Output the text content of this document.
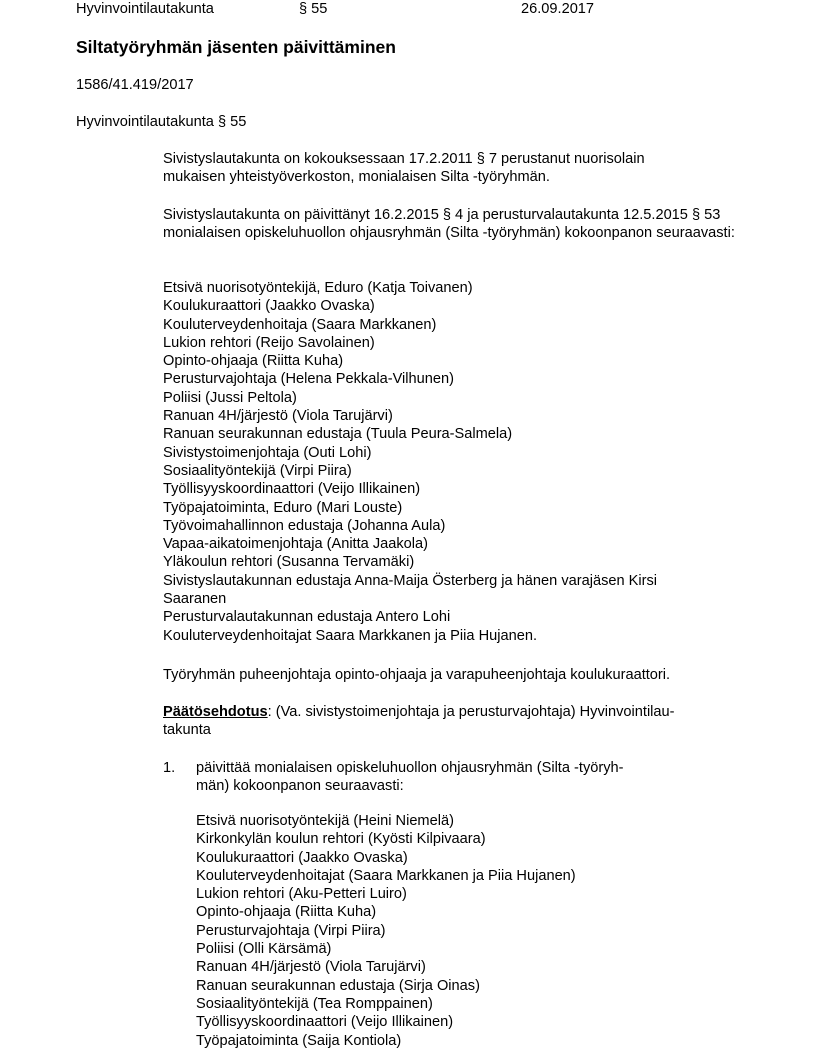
Hyvinvointilautakunta	§ 55	26.09.2017
Siltatyöryhmän jäsenten päivittäminen
1586/41.419/2017
Hyvinvointilautakunta § 55

Sivistyslautakunta on kokouksessaan 17.2.2011 § 7 perustanut nuorisolain mukaisen yhteistyöverkoston, monialaisen Silta -työryhmän.

Sivistyslautakunta on päivittänyt 16.2.2015 § 4 ja perusturvalautakunta 12.5.2015 § 53 monialaisen opiskeluhuollon ohjausryhmän (Silta -työryhmän) kokoonpanon seuraavasti:

Etsivä nuorisotyöntekijä, Eduro (Katja Toivanen)
Koulukuraattori (Jaakko Ovaska)
Kouluterveydenhoitaja (Saara Markkanen)
Lukion rehtori (Reijo Savolainen)
Opinto-ohjaaja (Riitta Kuha)
Perusturvajohtaja (Helena Pekkala-Vilhunen)
Poliisi (Jussi Peltola)
Ranuan 4H/järjestö (Viola Tarujärvi)
Ranuan seurakunnan edustaja (Tuula Peura-Salmela)
Sivistystoimenjohtaja (Outi Lohi)
Sosiaalityöntekijä (Virpi Piira)
Työllisyyskoordinaattori (Veijo Illikainen)
Työpajatoiminta, Eduro (Mari Louste)
Työvoimahallinnon edustaja (Johanna Aula)
Vapaa-aikatoimenjohtaja (Anitta Jaakola)
Yläkoulun rehtori (Susanna Tervamäki)
Sivistyslautakunnan edustaja Anna-Maija Österberg ja hänen varajäsen Kirsi
Saaranen
Perusturvalautakunnan edustaja Antero Lohi
Kouluterveydenhoitajat Saara Markkanen ja Piia Hujanen.

Työryhmän puheenjohtaja opinto-ohjaaja ja varapuheenjohtaja koulukuraattori.

Päätösehdotus: (Va. sivistystoimenjohtaja ja perusturvajohtaja) Hyvinvointilau-

takunta

1. päivittää monialaisen opiskeluhuollon ohjausryhmän (Silta -työryh-
män) kokoonpanon seuraavasti:
Etsivä nuorisotyöntekijä (Heini Niemelä)
Kirkonkylän koulun rehtori (Kyösti Kilpivaara)
Koulukuraattori (Jaakko Ovaska)
Kouluterveydenhoitajat (Saara Markkanen ja Piia Hujanen)
Lukion rehtori (Aku-Petteri Luiro)
Opinto-ohjaaja (Riitta Kuha)
Perusturvajohtaja (Virpi Piira)
Poliisi (Olli Kärsämä)
Ranuan 4H/järjestö (Viola Tarujärvi)
Ranuan seurakunnan edustaja (Sirja Oinas)
Sosiaalityöntekijä (Tea Romppainen)
Työllisyyskoordinaattori (Veijo Illikainen)
Työpajatoiminta (Saija Kontiola)
